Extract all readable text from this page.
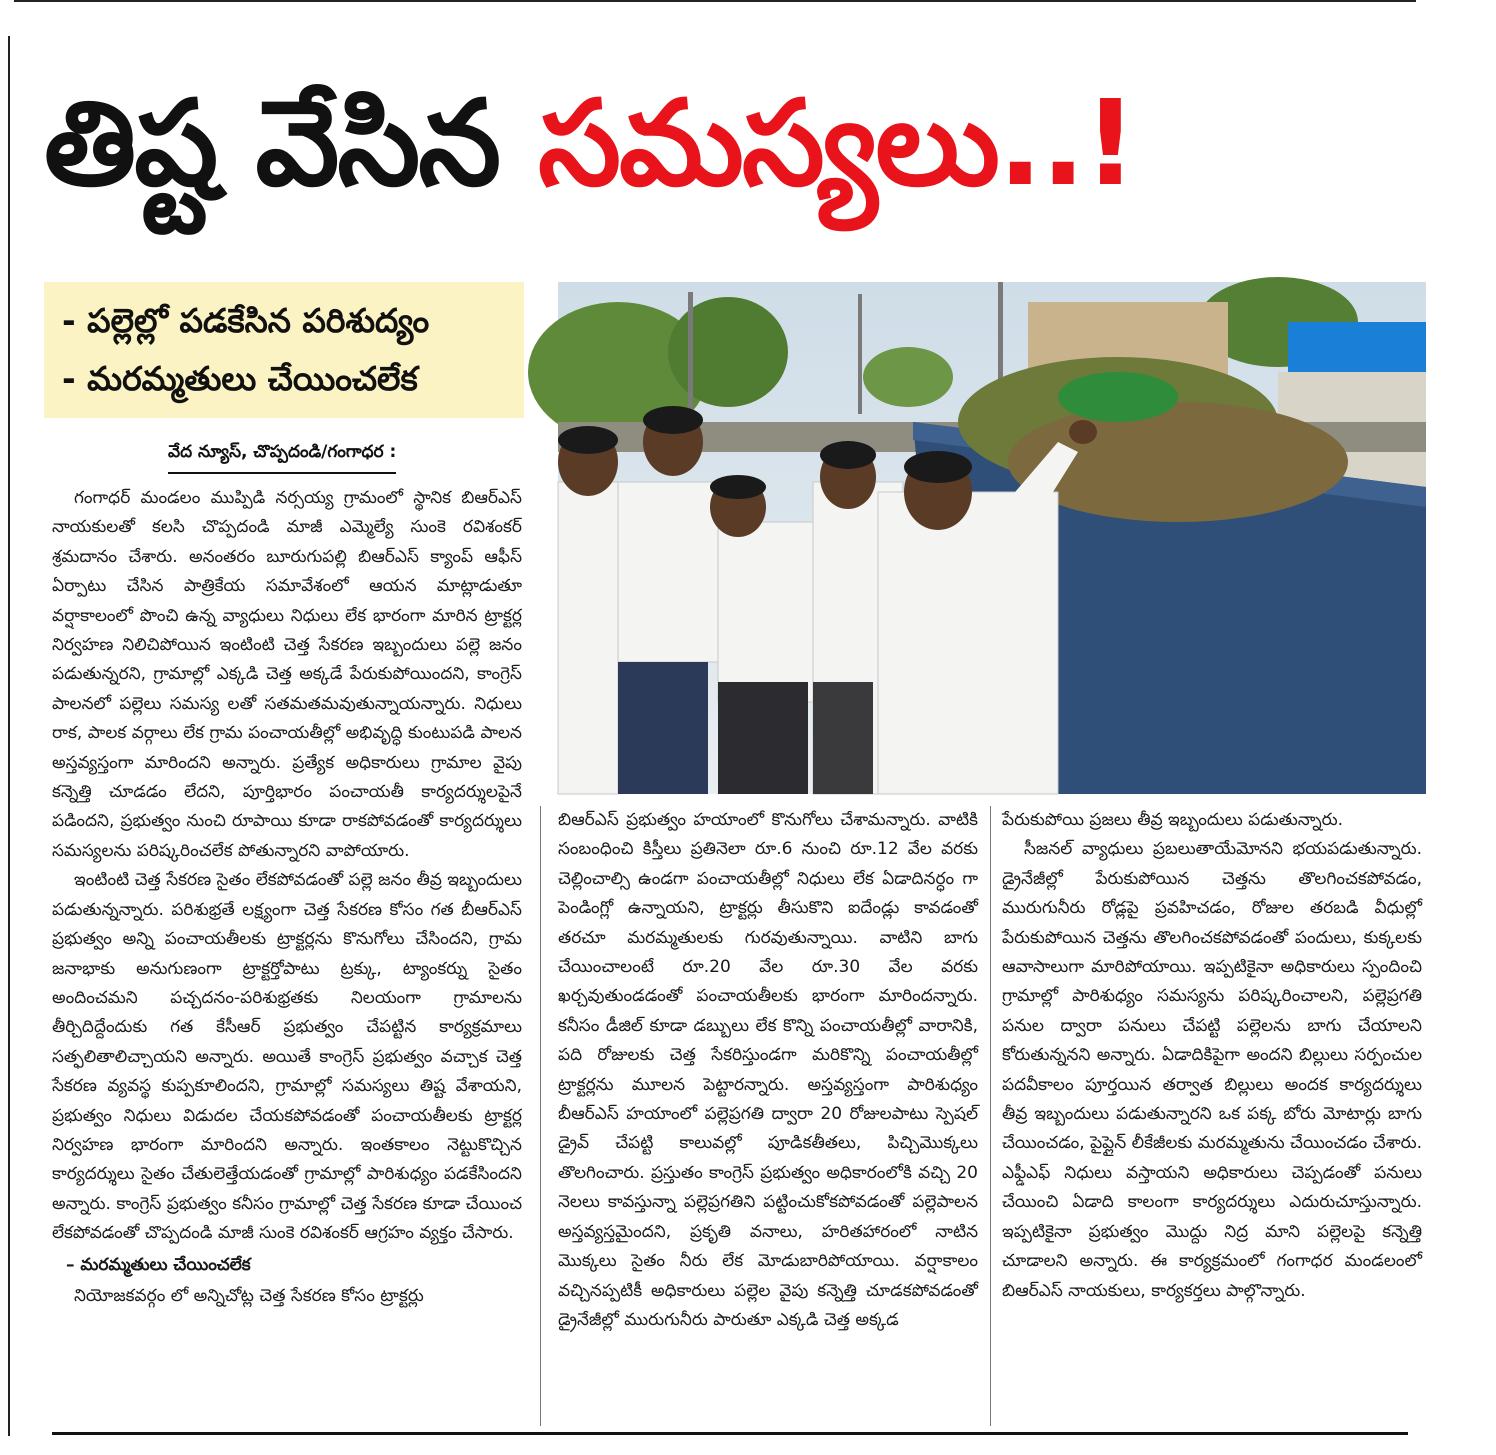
తిష్ట వేసిన సమస్యలు..!
- పల్లెల్లో పడకేసిన పరిశుద్యం
- మరమ్మతులు చేయించలేక
వేద న్యూస్, చొప్పదండి/గంగాధర :

గంగాధర్ మండలం ముప్పిడి నర్సయ్య గ్రామంలో స్థానిక బిఆర్ఎస్ నాయకులతో కలసి చొప్పదండి మాజీ ఎమ్మెల్యే సుంకె రవిశంకర్ శ్రమదానం చేశారు. అనంతరం బూరుగుపల్లి బిఆర్ఎస్ క్యాంప్ ఆఫీస్ ఏర్పాటు చేసిన పాత్రికేయ సమావేశంలో ఆయన మాట్లాడుతూ వర్షాకాలంలో పొంచి ఉన్న వ్యాధులు నిధులు లేక భారంగా మారిన ట్రాక్టర్ల నిర్వహణ నిలిచిపోయిన ఇంటింటి చెత్త సేకరణ ఇబ్బందులు పల్లె జనం పడుతున్నరని, గ్రామాల్లో ఎక్కడి చెత్త అక్కడే పేరుకుపోయిందని, కాంగ్రెస్ పాలనలో పల్లెలు సమస్య లతో సతమతమవుతున్నాయన్నారు. నిధులు రాక, పాలక వర్గాలు లేక గ్రామ పంచాయతీల్లో అభివృద్ధి కుంటుపడి పాలన అస్తవ్యస్తంగా మారిందని అన్నారు. ప్రత్యేక అధికారులు గ్రామాల వైపు కన్నెత్తి చూడడం లేదని, పూర్తిభారం పంచాయతీ కార్యదర్శులపైనే పడిందని, ప్రభుత్వం నుంచి రూపాయి కూడా రాకపోవడంతో కార్యదర్శులు సమస్యలను పరిష్కరించలేక పోతున్నారని వాపోయారు.

ఇంటింటి చెత్త సేకరణ సైతం లేకపోవడంతో పల్లె జనం తీవ్ర ఇబ్బందులు పడుతున్నన్నారు. పరిశుభ్రతే లక్ష్యంగా చెత్త సేకరణ కోసం గత బీఆర్ఎస్ ప్రభుత్వం అన్ని పంచాయతీలకు ట్రాక్టర్లను కొనుగోలు చేసిందని, గ్రామ జనాభాకు అనుగుణంగా ట్రాక్టర్తోపాటు ట్రక్కు, ట్యాంకర్ను సైతం అందించమని పచ్చదనం-పరిశుభ్రతకు నిలయంగా గ్రామాలను తీర్చిదిద్దేందుకు గత కేసీఆర్ ప్రభుత్వం చేపట్టిన కార్యక్రమాలు సత్ఫలితాలిచ్చాయని అన్నారు. అయితే కాంగ్రెస్ ప్రభుత్వం వచ్చాక చెత్త సేకరణ వ్యవస్థ కుప్పకూలిందని, గ్రామాల్లో సమస్యలు తిష్ట వేశాయని, ప్రభుత్వం నిధులు విడుదల చేయకపోవడంతో పంచాయతీలకు ట్రాక్టర్ల నిర్వహణ భారంగా మారిందని అన్నారు. ఇంతకాలం నెట్టుకొచ్చిన కార్యదర్శులు సైతం చేతులెత్తేయడంతో గ్రామాల్లో పారిశుధ్యం పడకేసిందని అన్నారు. కాంగ్రెస్ ప్రభుత్వం కనీసం గ్రామాల్లో చెత్త సేకరణ కూడా చేయించ లేకపోవడంతో చొప్పదండి మాజీ సుంకె రవిశంకర్ ఆగ్రహం వ్యక్తం చేసారు.

– మరమ్మతులు చేయించలేక

నియోజకవర్గం లో అన్నిచోట్ల చెత్త సేకరణ కోసం ట్రాక్టర్లు

బిఆర్ఎస్ ప్రభుత్వం హయాంలో కొనుగోలు చేశామన్నారు. వాటికి సంబంధించి కిస్తీలు ప్రతినెలా రూ.6 నుంచి రూ.12 వేల వరకు చెల్లించాల్సి ఉండగా పంచాయతీల్లో నిధులు లేక ఏడాదినర్ధం గా పెండింగ్లో ఉన్నాయని, ట్రాక్టర్లు తీసుకొని ఐదేండ్లు కావడంతో తరచూ మరమ్మతులకు గురవుతున్నాయి. వాటిని బాగు చేయించాలంటే రూ.20 వేల రూ.30 వేల వరకు ఖర్చవుతుండడంతో పంచాయతీలకు భారంగా మారిందన్నారు. కనీసం డీజిల్ కూడా డబ్బులు లేక కొన్ని పంచాయతీల్లో వారానికి, పది రోజులకు చెత్త సేకరిస్తుండగా మరికొన్ని పంచాయతీల్లో ట్రాక్టర్లను మూలన పెట్టారన్నారు. అస్తవ్యస్తంగా పారిశుధ్యం బీఆర్ఎస్ హయాంలో పల్లెప్రగతి ద్వారా 20 రోజులపాటు స్పెషల్ డ్రైవ్ చేపట్టి కాలువల్లో పూడికతీతలు, పిచ్చిమొక్కలు తొలగించారు. ప్రస్తుతం కాంగ్రెస్ ప్రభుత్వం అధికారంలోకి వచ్చి 20 నెలలు కావస్తున్నా పల్లెప్రగతిని పట్టించుకోకపోవడంతో పల్లెపాలన అస్తవ్యస్తమైందని, ప్రకృతి వనాలు, హరితహారంలో నాటిన మొక్కలు సైతం నీరు లేక మోడుబారిపోయాయి. వర్షాకాలం వచ్చినప్పటికీ అధికారులు పల్లెల వైపు కన్నెత్తి చూడకపోవడంతో డ్రైనేజీల్లో మురుగునీరు పారుతూ ఎక్కడి చెత్త అక్కడ

పేరుకుపోయి ప్రజలు తీవ్ర ఇబ్బందులు పడుతున్నారు.

సీజనల్ వ్యాధులు ప్రబలుతాయేమోనని భయపడుతున్నారు. డ్రైనేజీల్లో పేరుకుపోయిన చెత్తను తొలగించకపోవడం, మురుగునీరు రోడ్లపై ప్రవహిచడం, రోజుల తరబడి వీధుల్లో పేరుకుపోయిన చెత్తను తొలగించకపోవడంతో పందులు, కుక్కలకు ఆవాసాలుగా మారిపోయాయి. ఇప్పటికైనా అధికారులు స్పందించి గ్రామాల్లో పారిశుధ్యం సమస్యను పరిష్కరించాలని, పల్లెప్రగతి పనుల ద్వారా పనులు చేపట్టి పల్లెలను బాగు చేయాలని కోరుతున్ననని అన్నారు. ఏడాదికిపైగా అందని బిల్లులు సర్పంచుల పదవీకాలం పూర్తయిన తర్వాత బిల్లులు అందక కార్యదర్శులు తీవ్ర ఇబ్బందులు పడుతున్నారని ఒక పక్క బోరు మోటార్లు బాగు చేయించడం, పైప్లైన్ లీకేజీలకు మరమ్మతును చేయించడం చేశారు. ఎఫ్డీఎఫ్ నిధులు వస్తాయని అధికారులు చెప్పడంతో పనులు చేయించి ఏడాది కాలంగా కార్యదర్శులు ఎదురుచూస్తున్నారు. ఇప్పటికైనా ప్రభుత్వం మొద్దు నిద్ర మాని పల్లెలపై కన్నెత్తి చూడాలని అన్నారు. ఈ కార్యక్రమంలో గంగాధర మండలంలో బిఆర్ఎస్ నాయకులు, కార్యకర్తలు పాల్గొన్నారు.
